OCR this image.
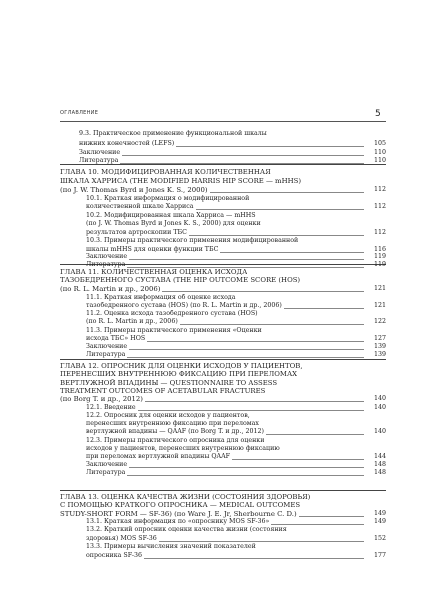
ОГЛАВЛЕНИЕ	5
9.3. Практическое применение функциональной шкалы
нижних конечностей (LEFS)	105
Заключение	110
Литература	110
ГЛАВА 10. МОДИФИЦИРОВАННАЯ КОЛИЧЕСТВЕННАЯ
ШКАЛА ХАРРИСА (THE MODIFIED HARRIS HIP SCORE — mHHS)
(по J. W. Thomas Byrd и Jones K. S., 2000)	112
10.1. Краткая информация о модифицированной
количественной шкале Харриса	112
10.2. Модифицированная шкала Харриса — mHHS
(по J. W. Thomas Byrd и Jones K. S., 2000) для оценки
результатов артроскопии ТБС	112
10.3. Примеры практического применения модифицированной
шкалы mHHS для оценки функции ТБС	116
Заключение	119
Литература	119
ГЛАВА 11. КОЛИЧЕСТВЕННАЯ ОЦЕНКА ИСХОДА
ТАЗОБЕДРЕННОГО СУСТАВА (THE HIP OUTCOME SCORE (HOS)
(по R. L. Martin и др., 2006)	121
11.1. Краткая информация об оценке исхода
тазобедренного сустава (HOS) (по R. L. Martin и др., 2006)	121
11.2. Оценка исхода тазобедренного сустава (HOS)
(по R. L. Martin и др., 2006)	122
11.3. Примеры практического применения «Оценки
исхода ТБС» HOS	127
Заключение	139
Литература	139
ГЛАВА 12. ОПРОСНИК ДЛЯ ОЦЕНКИ ИСХОДОВ У ПАЦИЕНТОВ,
ПЕРЕНЕСШИХ ВНУТРЕННЮЮ ФИКСАЦИЮ ПРИ ПЕРЕЛОМАХ
ВЕРТЛУЖНОЙ ВПАДИНЫ — QUESTIONNAIRE TO ASSESS
TREATMENT OUTCOMES OF ACETABULAR FRACTURES
(по Borg T. и др., 2012)	140
12.1. Введение	140
12.2. Опросник для оценки исходов у пациентов,
перенесших внутреннюю фиксацию при переломах
вертлужной впадины — QAAF (по Borg T. и др., 2012)	140
12.3. Примеры практического опросника для оценки
исходов у пациентов, перенесших внутреннюю фиксацию
при переломах вертлужной впадины QAAF	144
Заключение	148
Литература	148
ГЛАВА 13. ОЦЕНКА КАЧЕСТВА ЖИЗНИ (СОСТОЯНИЯ ЗДОРОВЬЯ)
С ПОМОЩЬЮ КРАТКОГО ОПРОСНИКА — MEDICAL OUTCOMES
STUDY-SHORT FORM — SF-36) (по Ware J. E. Jr, Sherbourne C. D.)	149
13.1. Краткая информация по «опроснику MOS SF-36»	149
13.2. Краткий опросник оценки качества жизни (состояния
здоровья) MOS SF-36	152
13.3. Примеры вычисления значений показателей
опросника SF-36	177
